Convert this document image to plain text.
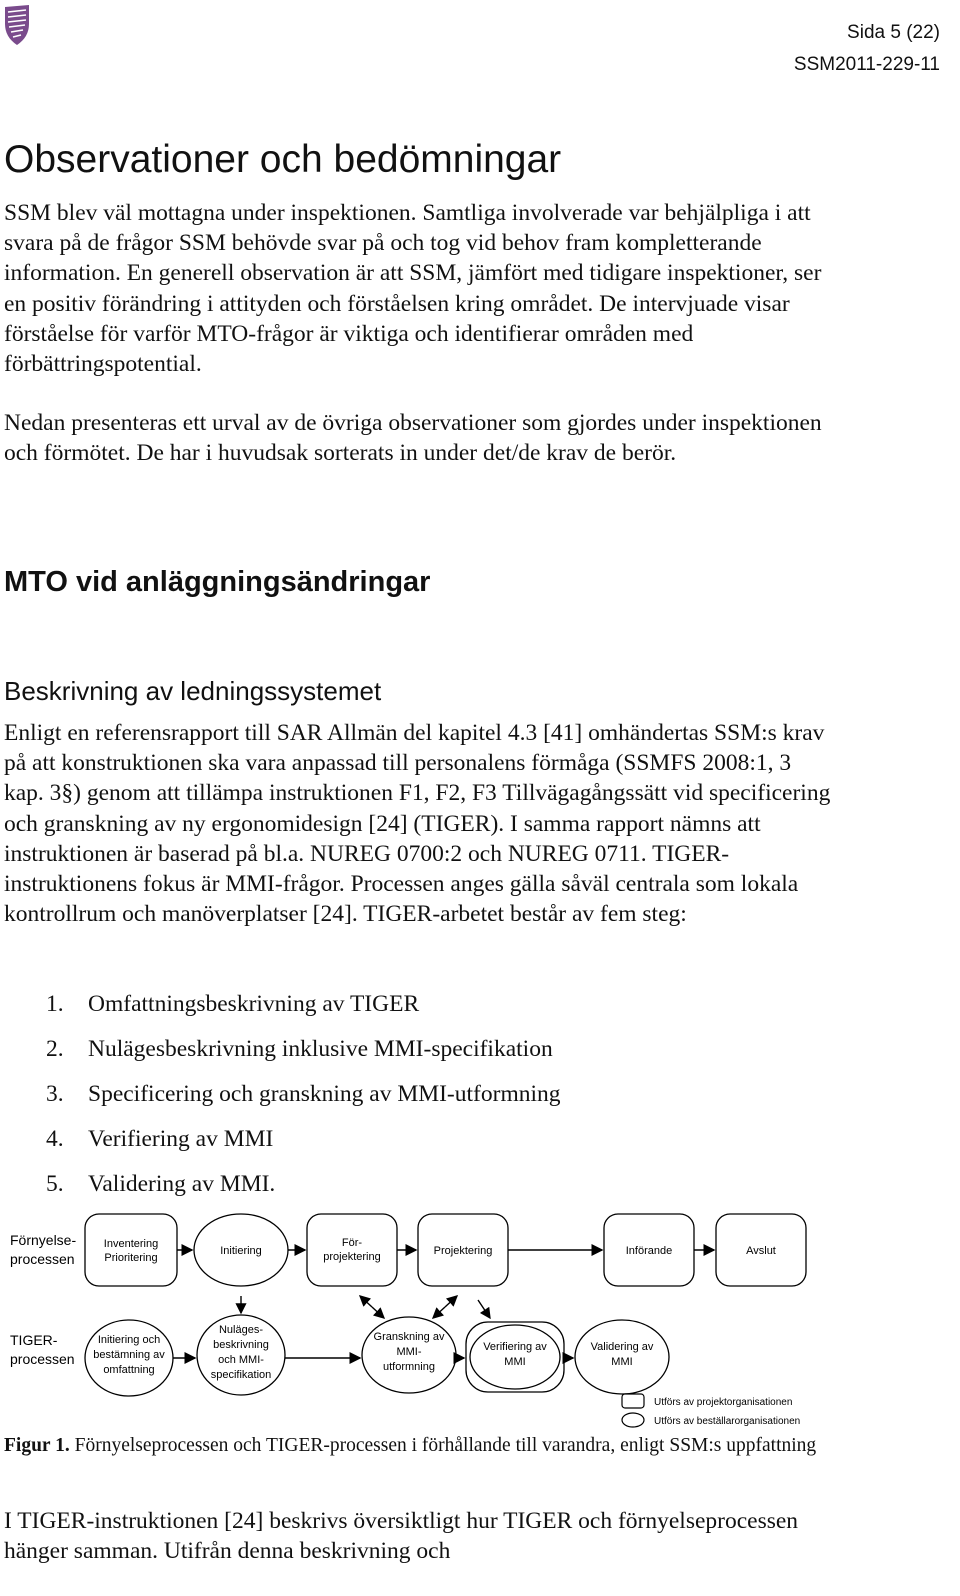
Sida 5 (22)
SSM2011-229-11
Observationer och bedömningar

SSM blev väl mottagna under inspektionen. Samtliga involverade var behjälpliga i att svara på de frågor SSM behövde svar på och tog vid behov fram kompletterande information. En generell observation är att SSM, jämfört med tidigare inspektioner, ser en positiv förändring i attityden och förståelsen kring området. De intervjuade visar förståelse för varför MTO-frågor är viktiga och identifierar områden med förbättringspotential.

Nedan presenteras ett urval av de övriga observationer som gjordes under inspektionen och förmötet. De har i huvudsak sorterats in under det/de krav de berör.

MTO vid anläggningsändringar
Beskrivning av ledningssystemet

Enligt en referensrapport till SAR Allmän del kapitel 4.3 [41] omhändertas SSM:s krav på att konstruktionen ska vara anpassad till personalens förmåga (SSMFS 2008:1, 3 kap. 3§) genom att tillämpa instruktionen F1, F2, F3 Tillvägagångssätt vid specificering och granskning av ny ergonomidesign [24] (TIGER). I samma rapport nämns att instruktionen är baserad på bl.a. NUREG 0700:2 och NUREG 0711. TIGER-instruktionens fokus är MMI-frågor. Processen anges gälla såväl centrala som lokala kontrollrum och manöverplatser [24]. TIGER-arbetet består av fem steg:

1. Omfattningsbeskrivning av TIGER
2. Nulägesbeskrivning inklusive MMI-specifikation
3. Specificering och granskning av MMI-utformning
4. Verifiering av MMI
5. Validering av MMI.
Förnyelse-processen
TIGER-processen
Inventering Prioritering
Initiering
För-projektering	Projektering	Införande	Avslut
Initiering och bestämning av omfattning
Nuläges-beskrivning och MMI-specifikation
Granskning av MMI-utformning
Verifiering av MMI
Validering av MMI
Utförs av projektorganisationen
Utförs av beställarorganisationen

Figur 1. Förnyelseprocessen och TIGER-processen i förhållande till varandra, enligt SSM:s uppfattning

I TIGER-instruktionen [24] beskrivs översiktligt hur TIGER och förnyelseprocessen hänger samman. Utifrån denna beskrivning och
